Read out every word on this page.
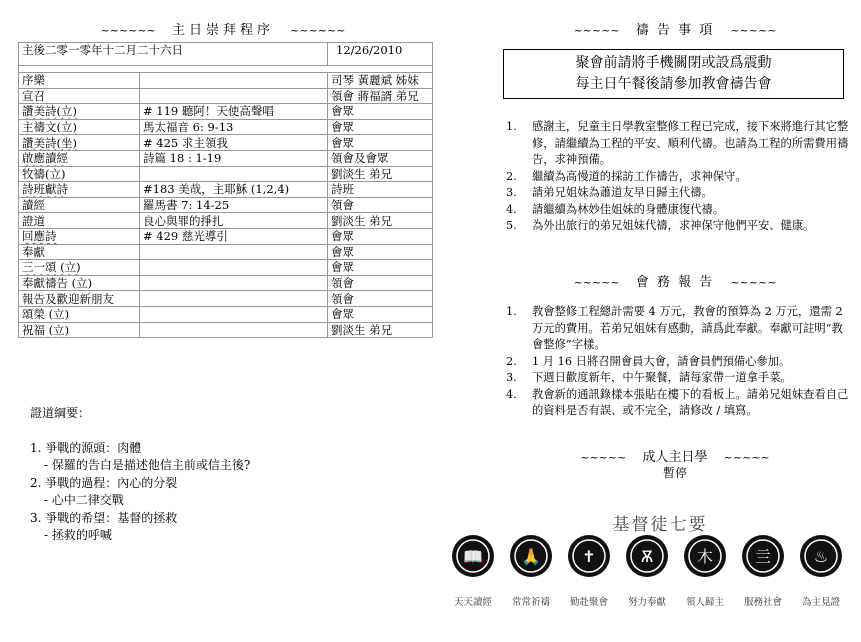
~~~~~~ 主日崇拜程序 ~~~~~~
主後二零一零年十二月二十六日		12/26/2010

序樂		司琴 黃麗斌 姊妹
宣召		領會 蔣福諝 弟兄
讚美詩(立)	# 119 聽阿！天使高聲唱	會眾
主禱文(立)	馬太福音 6: 9-13	會眾
讚美詩(坐)	# 425 求主領我	會眾
啟應讀經	詩篇 18 : 1-19	領會及會眾
牧禱(立)		劉淡生 弟兄
詩班獻詩	#183 美哉，主耶穌 (1,2,4)	詩班
讀經	羅馬書 7: 14-25	領會
證道	良心與罪的掙扎	劉淡生 弟兄
回應詩	# 429 慈光導引	會眾
奉獻		會眾
三一頌 (立)		會眾
奉獻禱告 (立)		領會
報告及歡迎新朋友		領會
頌榮 (立)		會眾
祝福 (立)		劉淡生 弟兄
證道綱要：
1. 爭戰的源頭：肉體
- 保羅的告白是描述他信主前或信主後?
2. 爭戰的過程：內心的分裂
- 心中二律交戰
3. 爭戰的希望：基督的拯救
- 拯救的呼喊
~~~~~ 禱 告 事 項 ~~~~~
聚會前請將手機關閉或設爲震動
每主日午餐後請參加教會禱告會
1. 感謝主，兒童主日學教室整修工程已完成，接下來將進行其它整修，請繼續為工程的平安、順利代禱。也請為工程的所需費用禱告，求神預備。
2. 繼續為高慢道的採訪工作禱告，求神保守。
3. 請弟兄姐妹為蕭道友早日歸主代禱。
4. 請繼續為林妙佳姐妹的身體康復代禱。
5. 為外出旅行的弟兄姐妹代禱，求神保守他們平安、健康。
~~~~~ 會 務 報 告 ~~~~~
1. 教會整修工程總計需要 4 万元，教會的預算為 2 万元，還需 2 万元的費用。若弟兄姐妹有感動，請爲此奉獻。奉獻可註明“教會整修”字樣。
2. 1 月 16 日將召開會員大會，請會員們預備心參加。
3. 下週日歡度新年，中午聚餐，請每家帶一道拿手菜。
4. 教會新的通訊錄樣本張貼在樓下的看板上。請弟兄姐妹查看自己的資料是否有誤、或不完全，請修改 / 填寫。
~~~~~ 成人主日學 ~~~~~
暫停
基督徒七要
📖
天天讀經
🙏
常常祈禱
✝
勤赴聚會
Ѫ
努力奉獻
木
領人歸主
亖
服務社會
♨
為主見證
